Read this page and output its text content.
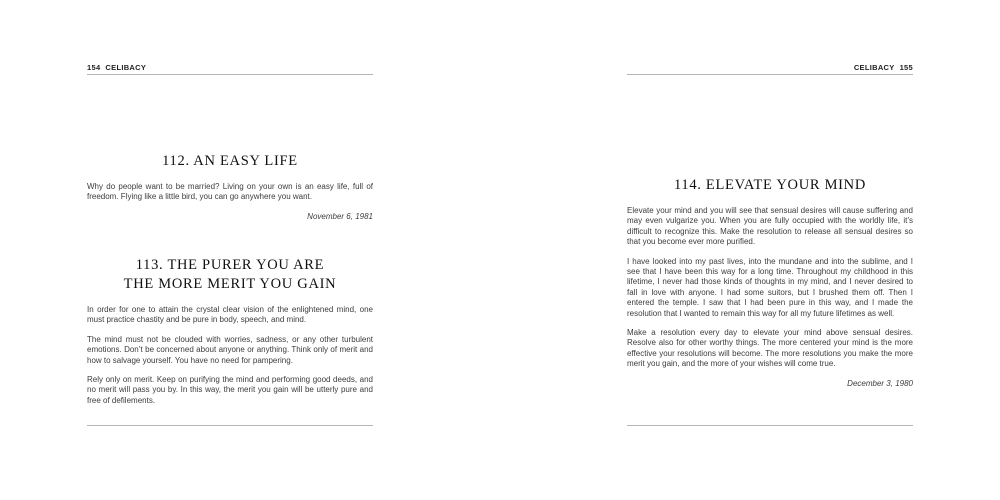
154 CELIBACY
112. AN EASY LIFE

Why do people want to be married? Living on your own is an easy life, full of freedom. Flying like a little bird, you can go anywhere you want.

November 6, 1981

113. THE PURER YOU ARE
THE MORE MERIT YOU GAIN

In order for one to attain the crystal clear vision of the enlightened mind, one must practice chastity and be pure in body, speech, and mind.

The mind must not be clouded with worries, sadness, or any other turbulent emotions. Don’t be concerned about anyone or anything. Think only of merit and how to salvage yourself. You have no need for pampering.

Rely only on merit. Keep on purifying the mind and performing good deeds, and no merit will pass you by. In this way, the merit you gain will be utterly pure and free of defilements.

CELIBACY 155
114. ELEVATE YOUR MIND

Elevate your mind and you will see that sensual desires will cause suffering and may even vulgarize you. When you are fully occupied with the worldly life, it’s difficult to recognize this. Make the resolution to release all sensual desires so that you become ever more purified.

I have looked into my past lives, into the mundane and into the sublime, and I see that I have been this way for a long time. Throughout my childhood in this lifetime, I never had those kinds of thoughts in my mind, and I never desired to fall in love with anyone. I had some suitors, but I brushed them off. Then I entered the temple. I saw that I had been pure in this way, and I made the resolution that I wanted to remain this way for all my future lifetimes as well.

Make a resolution every day to elevate your mind above sensual desires. Resolve also for other worthy things. The more centered your mind is the more effective your resolutions will become. The more resolutions you make the more merit you gain, and the more of your wishes will come true.

December 3, 1980
